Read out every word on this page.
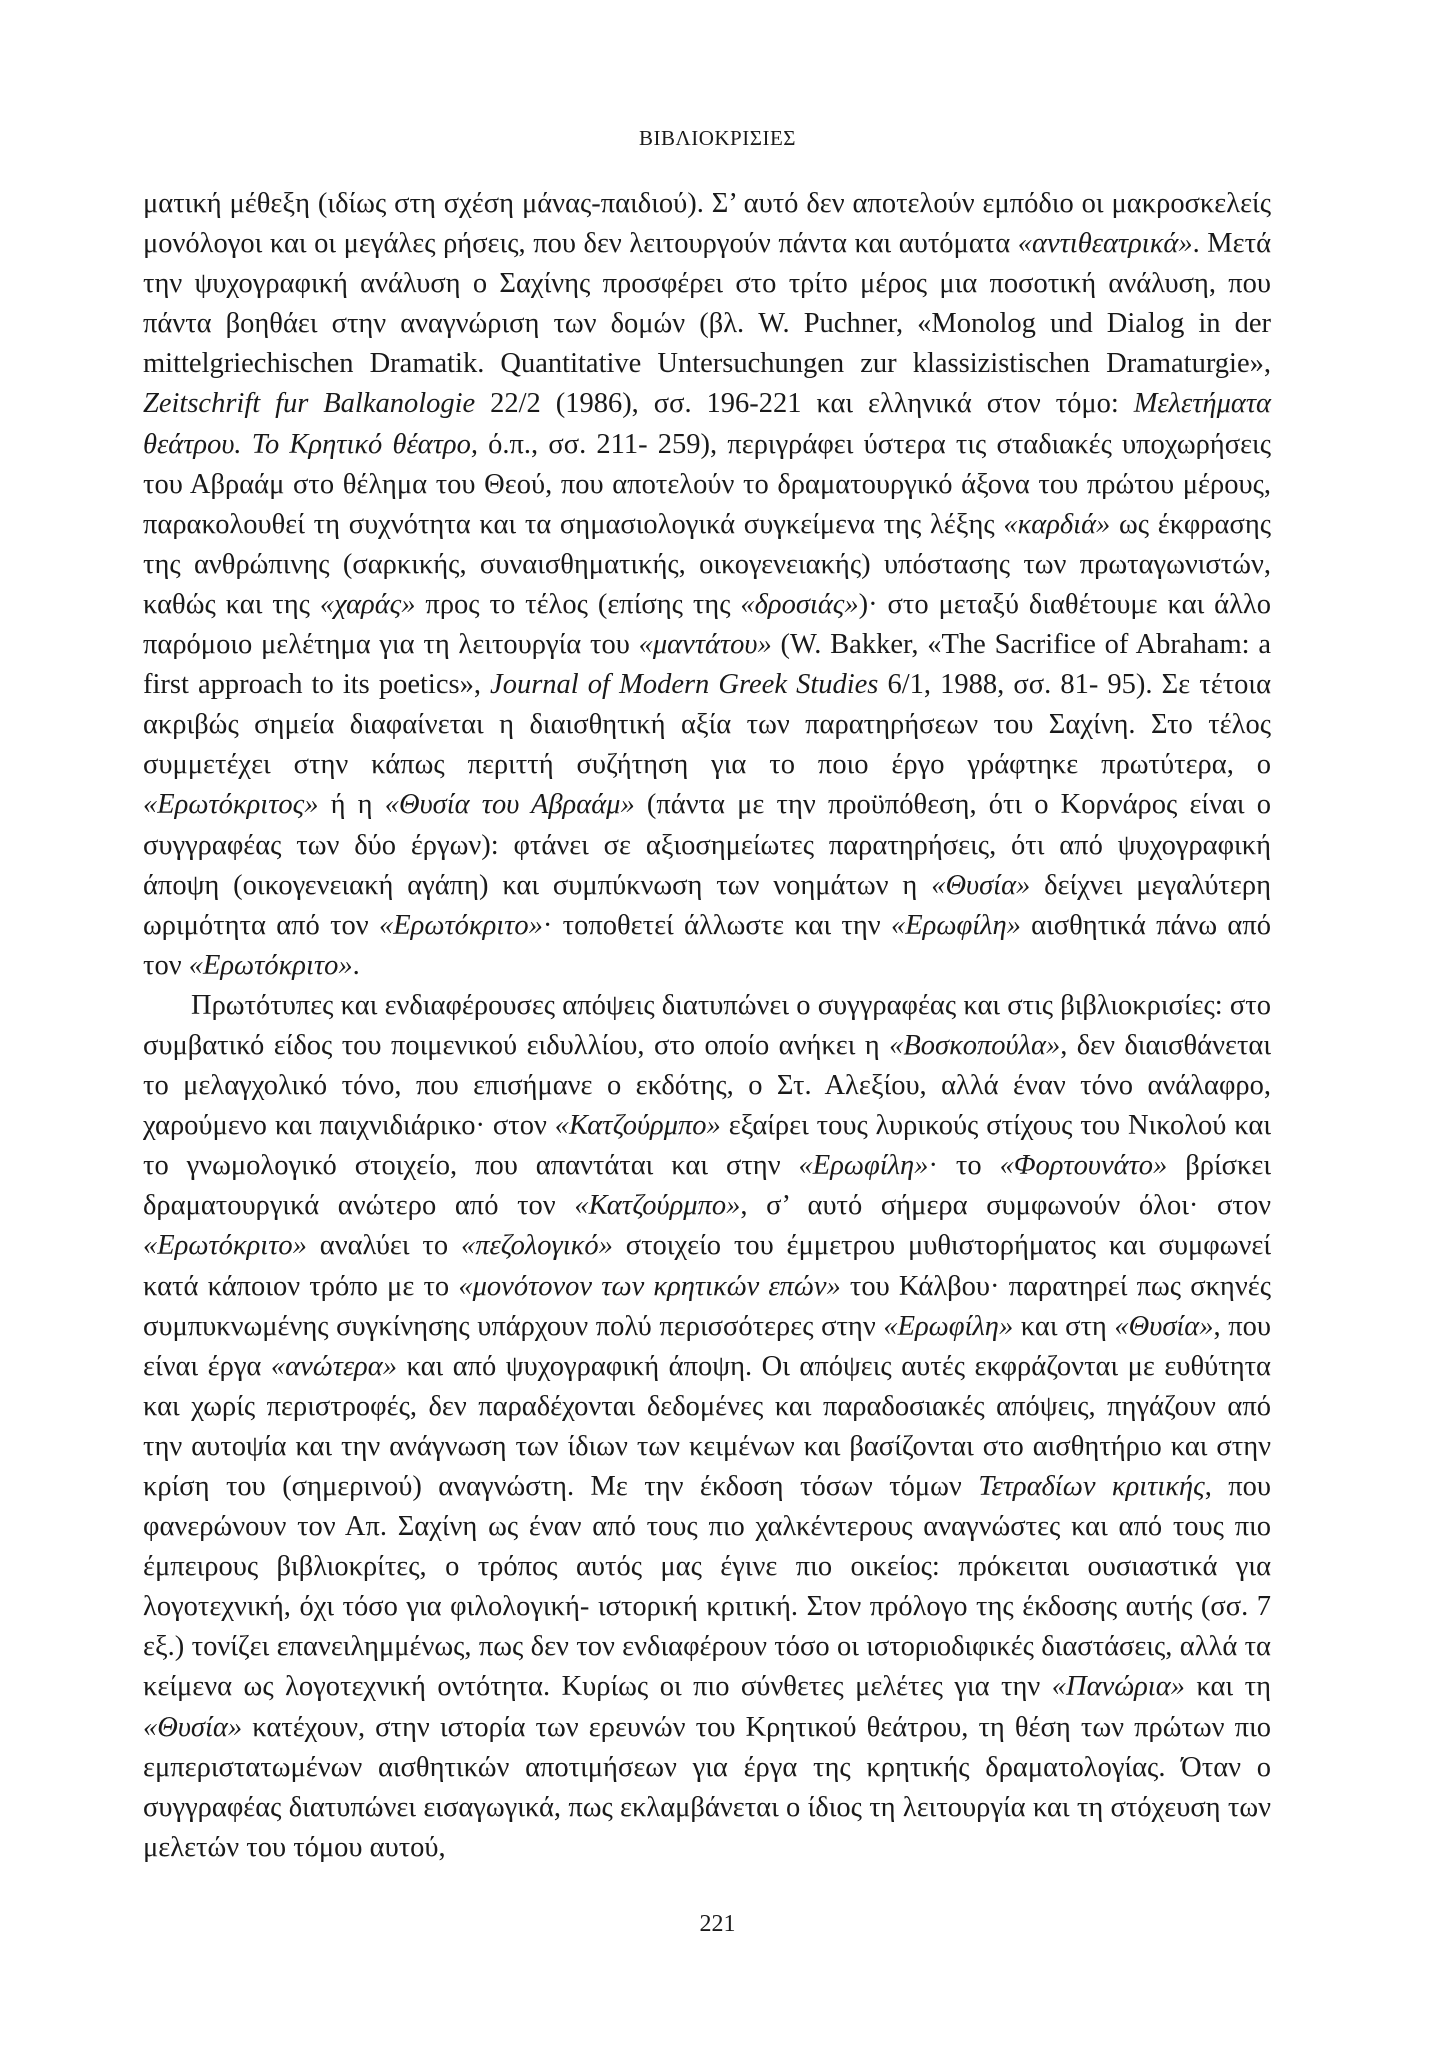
ΒΙΒΛΙΟΚΡΙΣΙΕΣ

ματική μέθεξη (ιδίως στη σχέση μάνας-παιδιού). Σ’ αυτό δεν αποτελούν εμπόδιο οι μακροσκελείς μονόλογοι και οι μεγάλες ρήσεις, που δεν λειτουργούν πάντα και αυτόματα «αντιθεατρικά». Μετά την ψυχογραφική ανάλυση ο Σαχίνης προσφέρει στο τρίτο μέρος μια ποσοτική ανάλυση, που πάντα βοηθάει στην αναγνώριση των δομών (βλ. W. Puchner, «Monolog und Dialog in der mittelgriechischen Dramatik. Quantitative Untersuchungen zur klassizistischen Dramaturgie», Zeitschrift fur Balkanologie 22/2 (1986), σσ. 196-221 και ελληνικά στον τόμο: Μελετήματα θεάτρου. Το Κρητικό θέατρο, ό.π., σσ. 211- 259), περιγράφει ύστερα τις σταδιακές υποχωρήσεις του Αβραάμ στο θέλημα του Θεού, που αποτελούν το δραματουργικό άξονα του πρώτου μέρους, παρακολουθεί τη συχνότητα και τα σημασιολογικά συγκείμενα της λέξης «καρδιά» ως έκφρασης της ανθρώπινης (σαρκικής, συναισθηματικής, οικογενειακής) υπόστασης των πρωταγωνιστών, καθώς και της «χαράς» προς το τέλος (επίσης της «δροσιάς»)· στο μεταξύ διαθέτουμε και άλλο παρόμοιο μελέτημα για τη λειτουργία του «μαντάτου» (W. Bakker, «The Sacrifice of Abraham: a first approach to its poetics», Journal of Modern Greek Studies 6/1, 1988, σσ. 81- 95). Σε τέτοια ακριβώς σημεία διαφαίνεται η διαισθητική αξία των παρατηρήσεων του Σαχίνη. Στο τέλος συμμετέχει στην κάπως περιττή συζήτηση για το ποιο έργο γράφτηκε πρωτύτερα, ο «Ερωτόκριτος» ή η «Θυσία του Αβραάμ» (πάντα με την προϋπόθεση, ότι ο Κορνάρος είναι ο συγγραφέας των δύο έργων): φτάνει σε αξιοσημείωτες παρατηρήσεις, ότι από ψυχογραφική άποψη (οικογενειακή αγάπη) και συμπύκνωση των νοημάτων η «Θυσία» δείχνει μεγαλύτερη ωριμότητα από τον «Ερωτόκριτο»· τοποθετεί άλλωστε και την «Ερωφίλη» αισθητικά πάνω από τον «Ερωτόκριτο».

Πρωτότυπες και ενδιαφέρουσες απόψεις διατυπώνει ο συγγραφέας και στις βιβλιοκρισίες: στο συμβατικό είδος του ποιμενικού ειδυλλίου, στο οποίο ανήκει η «Βοσκοπούλα», δεν διαισθάνεται το μελαγχολικό τόνο, που επισήμανε ο εκδότης, ο Στ. Αλεξίου, αλλά έναν τόνο ανάλαφρο, χαρούμενο και παιχνιδιάρικο· στον «Κατζούρμπο» εξαίρει τους λυρικούς στίχους του Νικολού και το γνωμολογικό στοιχείο, που απαντάται και στην «Ερωφίλη»· το «Φορτουνάτο» βρίσκει δραματουργικά ανώτερο από τον «Κατζούρμπο», σ’ αυτό σήμερα συμφωνούν όλοι· στον «Ερωτόκριτο» αναλύει το «πεζολογικό» στοιχείο του έμμετρου μυθιστορήματος και συμφωνεί κατά κάποιον τρόπο με το «μονότονον των κρητικών επών» του Κάλβου· παρατηρεί πως σκηνές συμπυκνωμένης συγκίνησης υπάρχουν πολύ περισσότερες στην «Ερωφίλη» και στη «Θυσία», που είναι έργα «ανώτερα» και από ψυχογραφική άποψη. Οι απόψεις αυτές εκφράζονται με ευθύτητα και χωρίς περιστροφές, δεν παραδέχονται δεδομένες και παραδοσιακές απόψεις, πηγάζουν από την αυτοψία και την ανάγνωση των ίδιων των κειμένων και βασίζονται στο αισθητήριο και στην κρίση του (σημερινού) αναγνώστη. Με την έκδοση τόσων τόμων Τετραδίων κριτικής, που φανερώνουν τον Απ. Σαχίνη ως έναν από τους πιο χαλκέντερους αναγνώστες και από τους πιο έμπειρους βιβλιοκρίτες, ο τρόπος αυτός μας έγινε πιο οικείος: πρόκειται ουσιαστικά για λογοτεχνική, όχι τόσο για φιλολογική- ιστορική κριτική. Στον πρόλογο της έκδοσης αυτής (σσ. 7 εξ.) τονίζει επανειλημμένως, πως δεν τον ενδιαφέρουν τόσο οι ιστοριοδιφικές διαστάσεις, αλλά τα κείμενα ως λογοτεχνική οντότητα. Κυρίως οι πιο σύνθετες μελέτες για την «Πανώρια» και τη «Θυσία» κατέχουν, στην ιστορία των ερευνών του Κρητικού θεάτρου, τη θέση των πρώτων πιο εμπεριστατωμένων αισθητικών αποτιμήσεων για έργα της κρητικής δραματολογίας. Όταν ο συγγραφέας διατυπώνει εισαγωγικά, πως εκλαμβάνεται ο ίδιος τη λειτουργία και τη στόχευση των μελετών του τόμου αυτού,

221
